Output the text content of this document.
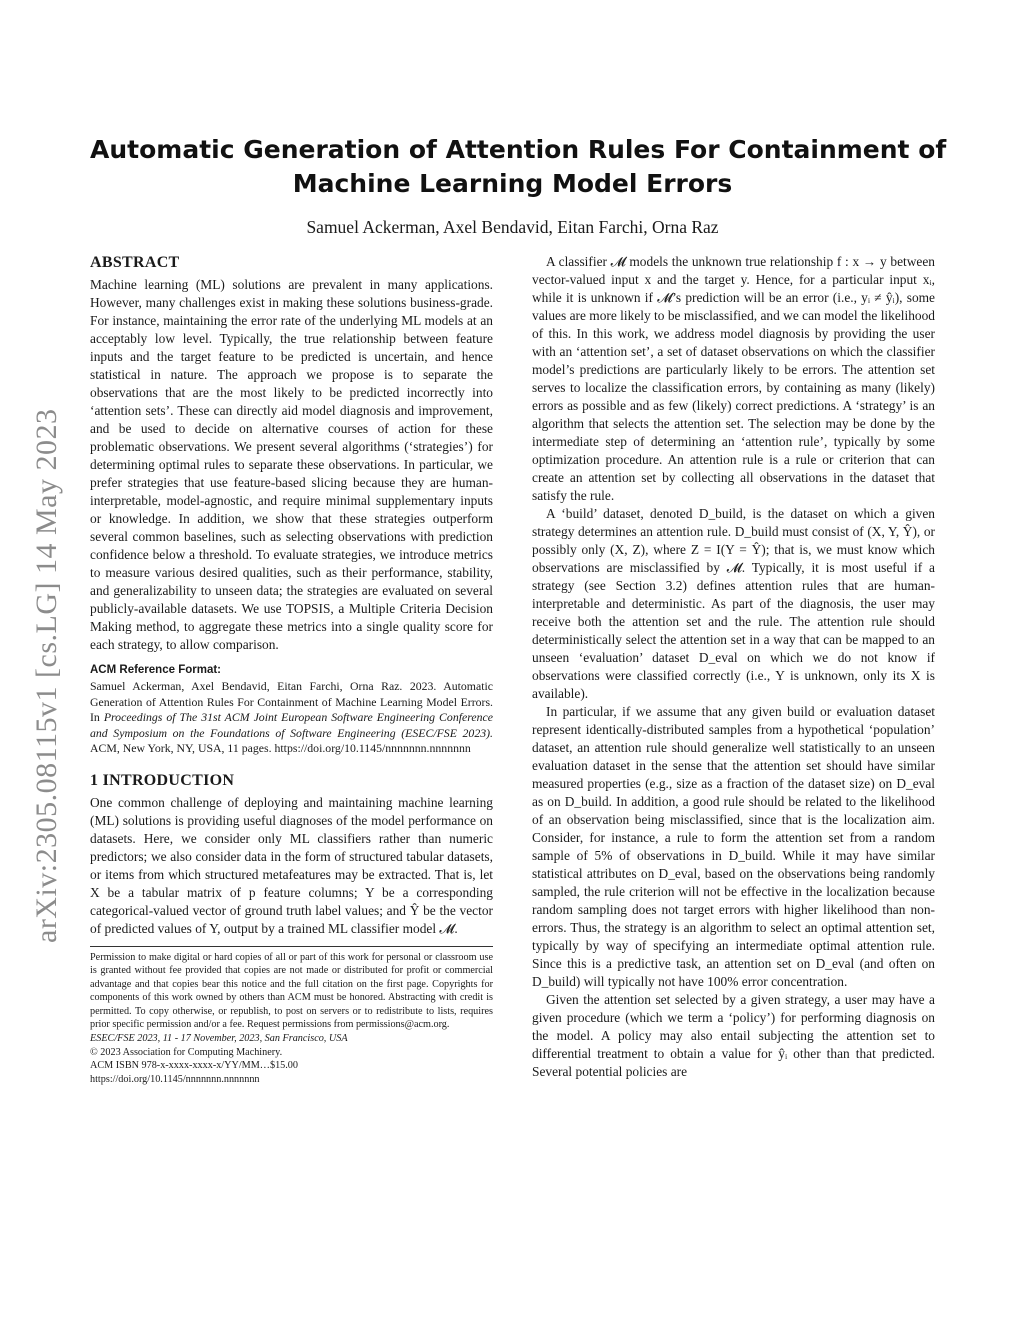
arXiv:2305.08115v1 [cs.LG] 14 May 2023
Automatic Generation of Attention Rules For Containment of
Machine Learning Model Errors
Samuel Ackerman, Axel Bendavid, Eitan Farchi, Orna Raz
ABSTRACT

Machine learning (ML) solutions are prevalent in many applications. However, many challenges exist in making these solutions business-grade. For instance, maintaining the error rate of the underlying ML models at an acceptably low level. Typically, the true relationship between feature inputs and the target feature to be predicted is uncertain, and hence statistical in nature. The approach we propose is to separate the observations that are the most likely to be predicted incorrectly into ‘attention sets’. These can directly aid model diagnosis and improvement, and be used to decide on alternative courses of action for these problematic observations. We present several algorithms (‘strategies’) for determining optimal rules to separate these observations. In particular, we prefer strategies that use feature-based slicing because they are human-interpretable, model-agnostic, and require minimal supplementary inputs or knowledge. In addition, we show that these strategies outperform several common baselines, such as selecting observations with prediction confidence below a threshold. To evaluate strategies, we introduce metrics to measure various desired qualities, such as their performance, stability, and generalizability to unseen data; the strategies are evaluated on several publicly-available datasets. We use TOPSIS, a Multiple Criteria Decision Making method, to aggregate these metrics into a single quality score for each strategy, to allow comparison.

ACM Reference Format:

Samuel Ackerman, Axel Bendavid, Eitan Farchi, Orna Raz. 2023. Automatic Generation of Attention Rules For Containment of Machine Learning Model Errors. In Proceedings of The 31st ACM Joint European Software Engineering Conference and Symposium on the Foundations of Software Engineering (ESEC/FSE 2023). ACM, New York, NY, USA, 11 pages. https://doi.org/10.1145/nnnnnnn.nnnnnnn

1 INTRODUCTION

One common challenge of deploying and maintaining machine learning (ML) solutions is providing useful diagnoses of the model performance on datasets. Here, we consider only ML classifiers rather than numeric predictors; we also consider data in the form of structured tabular datasets, or items from which structured metafeatures may be extracted. That is, let X be a tabular matrix of p feature columns; Y be a corresponding categorical-valued vector of ground truth label values; and Ŷ be the vector of predicted values of Y, output by a trained ML classifier model 𝓜.

Permission to make digital or hard copies of all or part of this work for personal or classroom use is granted without fee provided that copies are not made or distributed for profit or commercial advantage and that copies bear this notice and the full citation on the first page. Copyrights for components of this work owned by others than ACM must be honored. Abstracting with credit is permitted. To copy otherwise, or republish, to post on servers or to redistribute to lists, requires prior specific permission and/or a fee. Request permissions from permissions@acm.org.

ESEC/FSE 2023, 11 - 17 November, 2023, San Francisco, USA

© 2023 Association for Computing Machinery.

ACM ISBN 978-x-xxxx-xxxx-x/YY/MM…$15.00

https://doi.org/10.1145/nnnnnnn.nnnnnnn

A classifier 𝓜 models the unknown true relationship f : x → y between vector-valued input x and the target y. Hence, for a particular input xᵢ, while it is unknown if 𝓜’s prediction will be an error (i.e., yᵢ ≠ ŷᵢ), some values are more likely to be misclassified, and we can model the likelihood of this. In this work, we address model diagnosis by providing the user with an ‘attention set’, a set of dataset observations on which the classifier model’s predictions are particularly likely to be errors. The attention set serves to localize the classification errors, by containing as many (likely) errors as possible and as few (likely) correct predictions. A ‘strategy’ is an algorithm that selects the attention set. The selection may be done by the intermediate step of determining an ‘attention rule’, typically by some optimization procedure. An attention rule is a rule or criterion that can create an attention set by collecting all observations in the dataset that satisfy the rule.

A ‘build’ dataset, denoted D_build, is the dataset on which a given strategy determines an attention rule. D_build must consist of (X, Y, Ŷ), or possibly only (X, Z), where Z = I(Y = Ŷ); that is, we must know which observations are misclassified by 𝓜. Typically, it is most useful if a strategy (see Section 3.2) defines attention rules that are human-interpretable and deterministic. As part of the diagnosis, the user may receive both the attention set and the rule. The attention rule should deterministically select the attention set in a way that can be mapped to an unseen ‘evaluation’ dataset D_eval on which we do not know if observations were classified correctly (i.e., Y is unknown, only its X is available).

In particular, if we assume that any given build or evaluation dataset represent identically-distributed samples from a hypothetical ‘population’ dataset, an attention rule should generalize well statistically to an unseen evaluation dataset in the sense that the attention set should have similar measured properties (e.g., size as a fraction of the dataset size) on D_eval as on D_build. In addition, a good rule should be related to the likelihood of an observation being misclassified, since that is the localization aim. Consider, for instance, a rule to form the attention set from a random sample of 5% of observations in D_build. While it may have similar statistical attributes on D_eval, based on the observations being randomly sampled, the rule criterion will not be effective in the localization because random sampling does not target errors with higher likelihood than non-errors. Thus, the strategy is an algorithm to select an optimal attention set, typically by way of specifying an intermediate optimal attention rule. Since this is a predictive task, an attention set on D_eval (and often on D_build) will typically not have 100% error concentration.

Given the attention set selected by a given strategy, a user may have a given procedure (which we term a ‘policy’) for performing diagnosis on the model. A policy may also entail subjecting the attention set to differential treatment to obtain a value for ŷᵢ other than that predicted. Several potential policies are
